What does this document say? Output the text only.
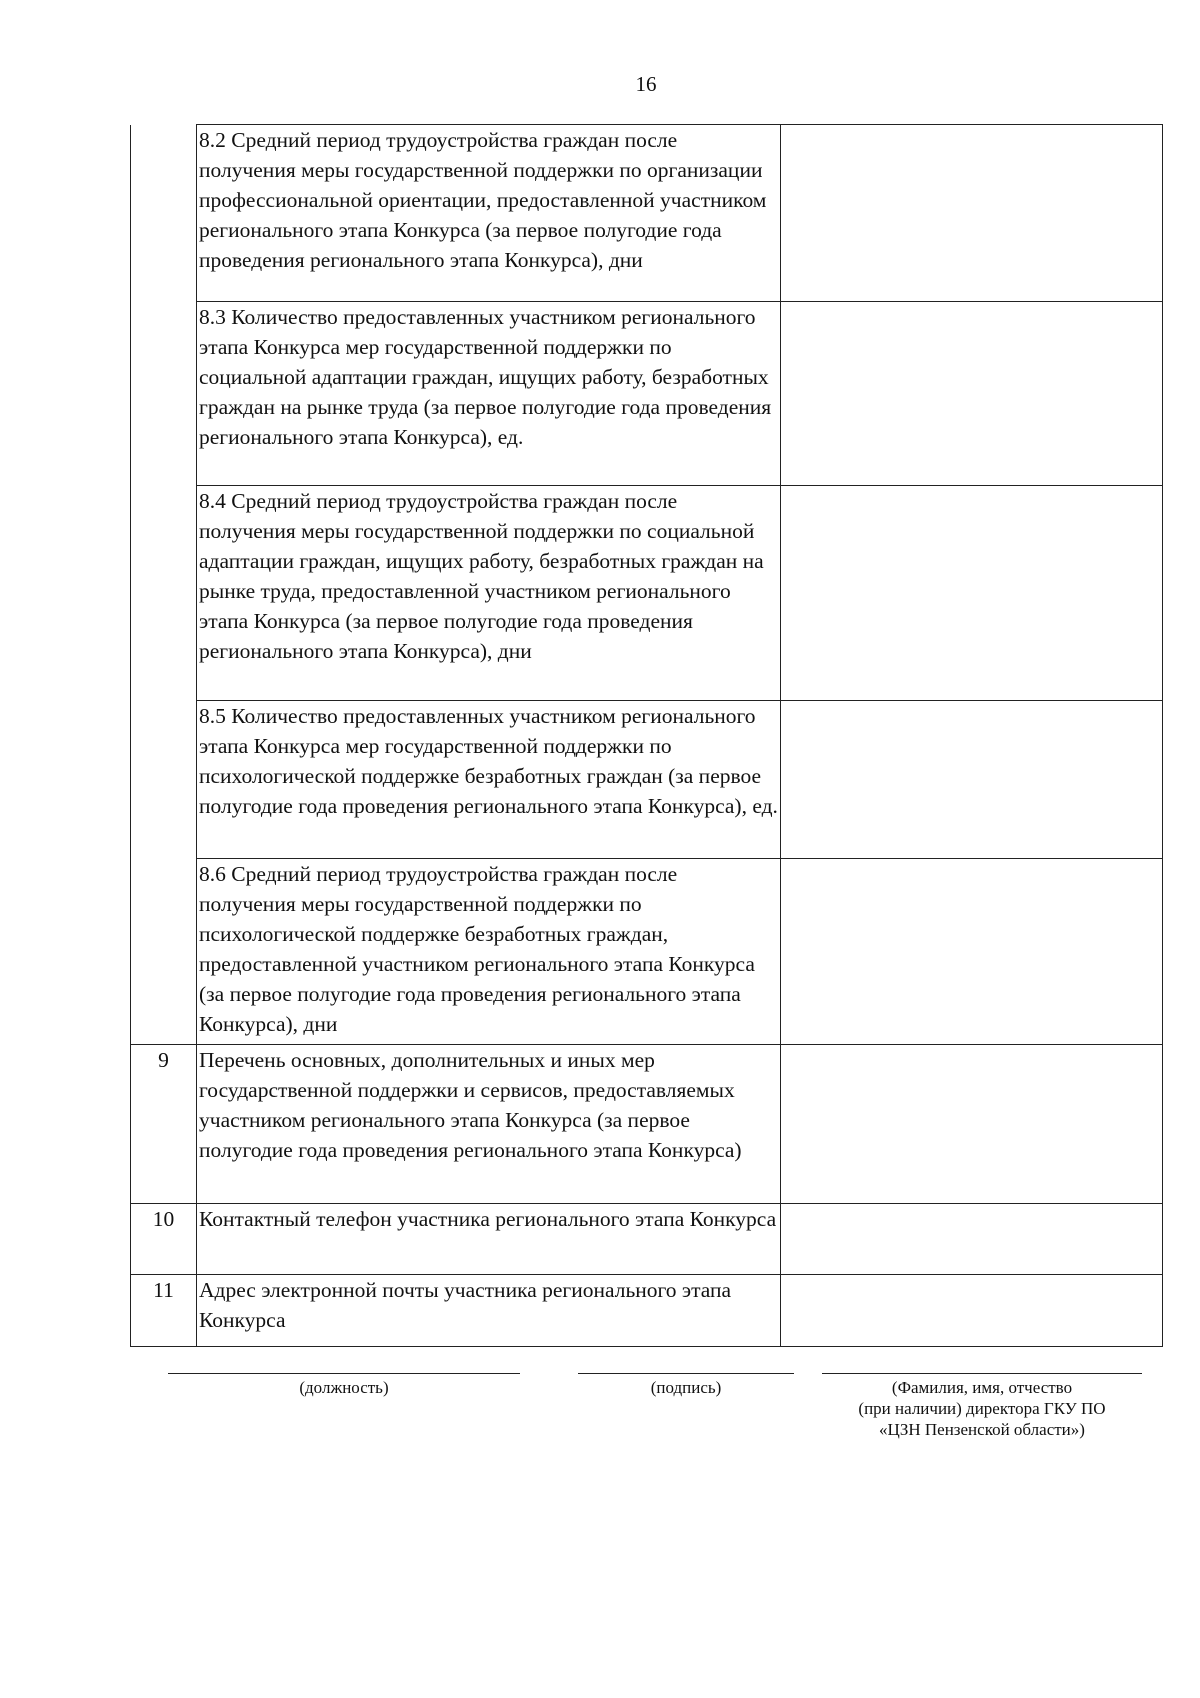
16
	8.2 Средний период трудоустройства граждан после получения меры государственной поддержки по организации профессиональной ориентации, предоставленной участником регионального этапа Конкурса (за первое полугодие года проведения регионального этапа Конкурса), дни	
	8.3 Количество предоставленных участником регионального этапа Конкурса мер государственной поддержки по социальной адаптации граждан, ищущих работу, безработных граждан на рынке труда (за первое полугодие года проведения регионального этапа Конкурса), ед.	
	8.4 Средний период трудоустройства граждан после получения меры государственной поддержки по социальной адаптации граждан, ищущих работу, безработных граждан на рынке труда, предоставленной участником регионального этапа Конкурса (за первое полугодие года проведения регионального этапа Конкурса), дни	
	8.5 Количество предоставленных участником регионального этапа Конкурса мер государственной поддержки по психологической поддержке безработных граждан (за первое полугодие года проведения регионального этапа Конкурса), ед.	
	8.6 Средний период трудоустройства граждан после получения меры государственной поддержки по психологической поддержке безработных граждан, предоставленной участником регионального этапа Конкурса (за первое полугодие года проведения регионального этапа Конкурса), дни	
9	Перечень основных, дополнительных и иных мер государственной поддержки и сервисов, предоставляемых участником регионального этапа Конкурса (за первое полугодие года проведения регионального этапа Конкурса)	
10	Контактный телефон участника регионального этапа Конкурса	
11	Адрес электронной почты участника регионального этапа Конкурса	
(должность)	(подпись)	(Фамилия, имя, отчество
(при наличии) директора ГКУ ПО
«ЦЗН Пензенской области»)
